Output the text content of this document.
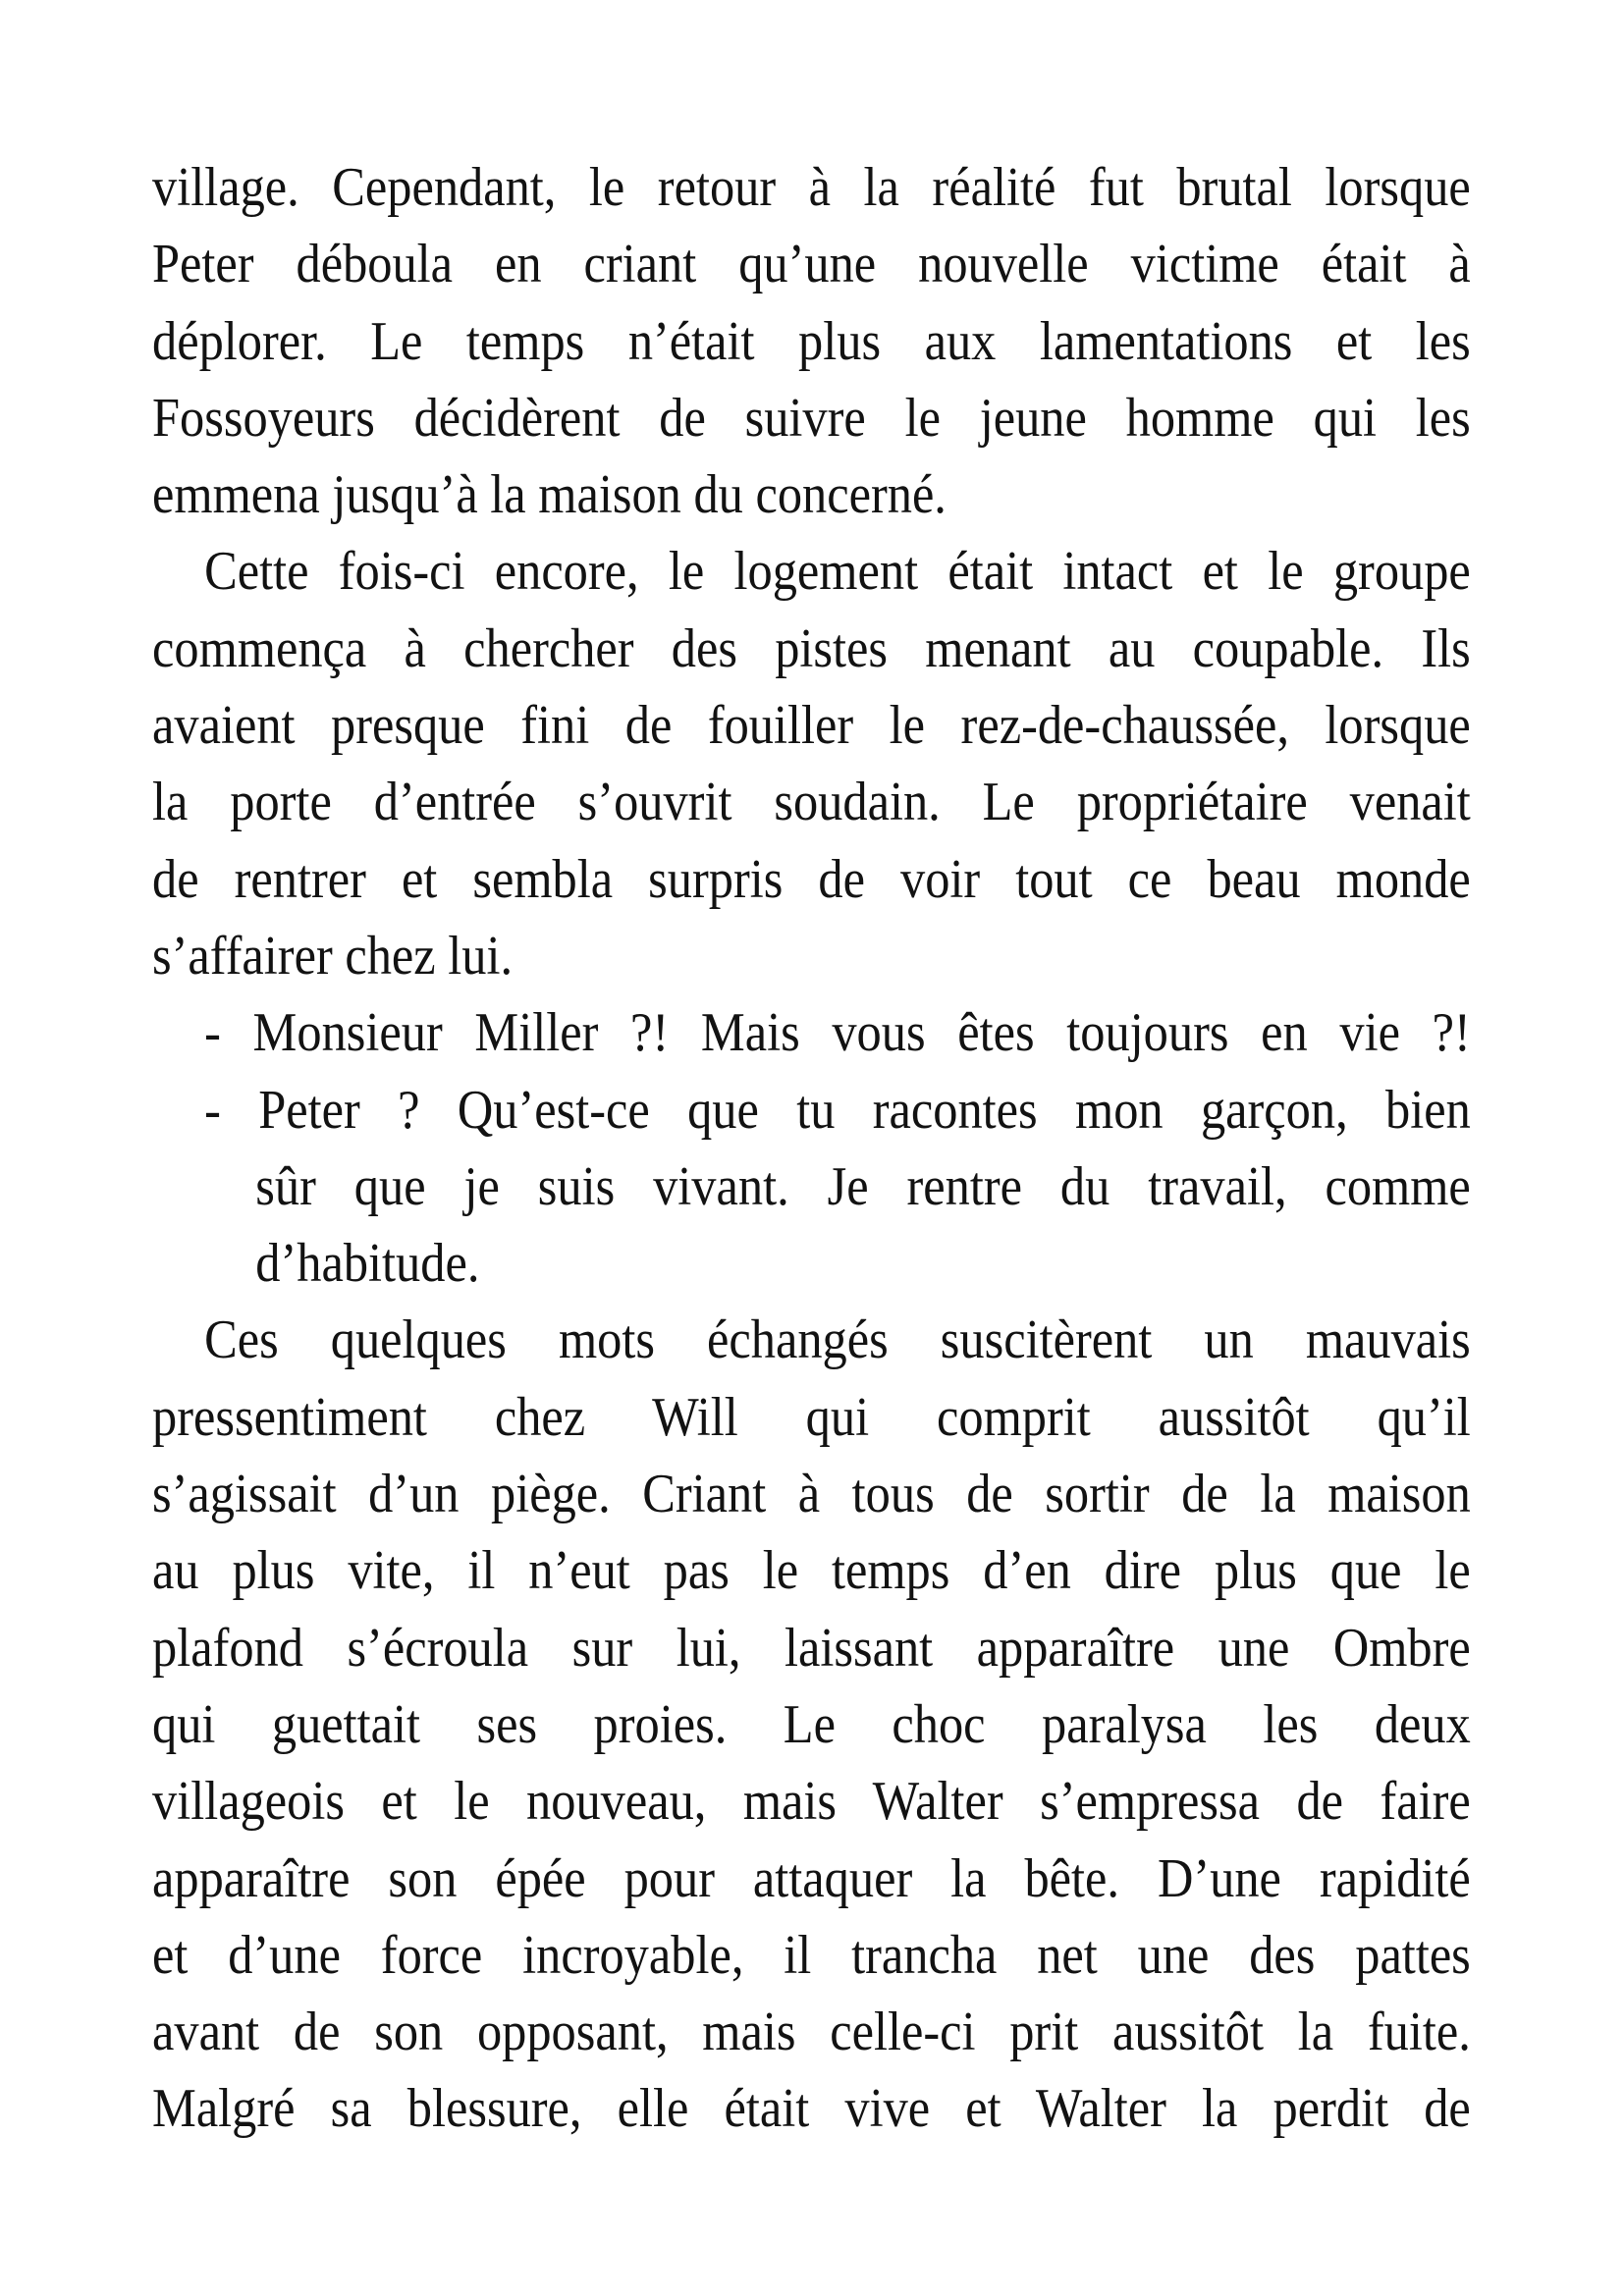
village. Cependant, le retour à la réalité fut brutal lorsque
Peter déboula en criant qu’une nouvelle victime était à
déplorer. Le temps n’était plus aux lamentations et les
Fossoyeurs décidèrent de suivre le jeune homme qui les
emmena jusqu’à la maison du concerné.
Cette fois-ci encore, le logement était intact et le groupe
commença à chercher des pistes menant au coupable. Ils
avaient presque fini de fouiller le rez-de-chaussée, lorsque
la porte d’entrée s’ouvrit soudain. Le propriétaire venait
de rentrer et sembla surpris de voir tout ce beau monde
s’affairer chez lui.
- Monsieur Miller ?! Mais vous êtes toujours en vie ?!
- Peter ? Qu’est-ce que tu racontes mon garçon, bien
sûr que je suis vivant. Je rentre du travail, comme
d’habitude.
Ces quelques mots échangés suscitèrent un mauvais
pressentiment chez Will qui comprit aussitôt qu’il
s’agissait d’un piège. Criant à tous de sortir de la maison
au plus vite, il n’eut pas le temps d’en dire plus que le
plafond s’écroula sur lui, laissant apparaître une Ombre
qui guettait ses proies. Le choc paralysa les deux
villageois et le nouveau, mais Walter s’empressa de faire
apparaître son épée pour attaquer la bête. D’une rapidité
et d’une force incroyable, il trancha net une des pattes
avant de son opposant, mais celle-ci prit aussitôt la fuite.
Malgré sa blessure, elle était vive et Walter la perdit de
